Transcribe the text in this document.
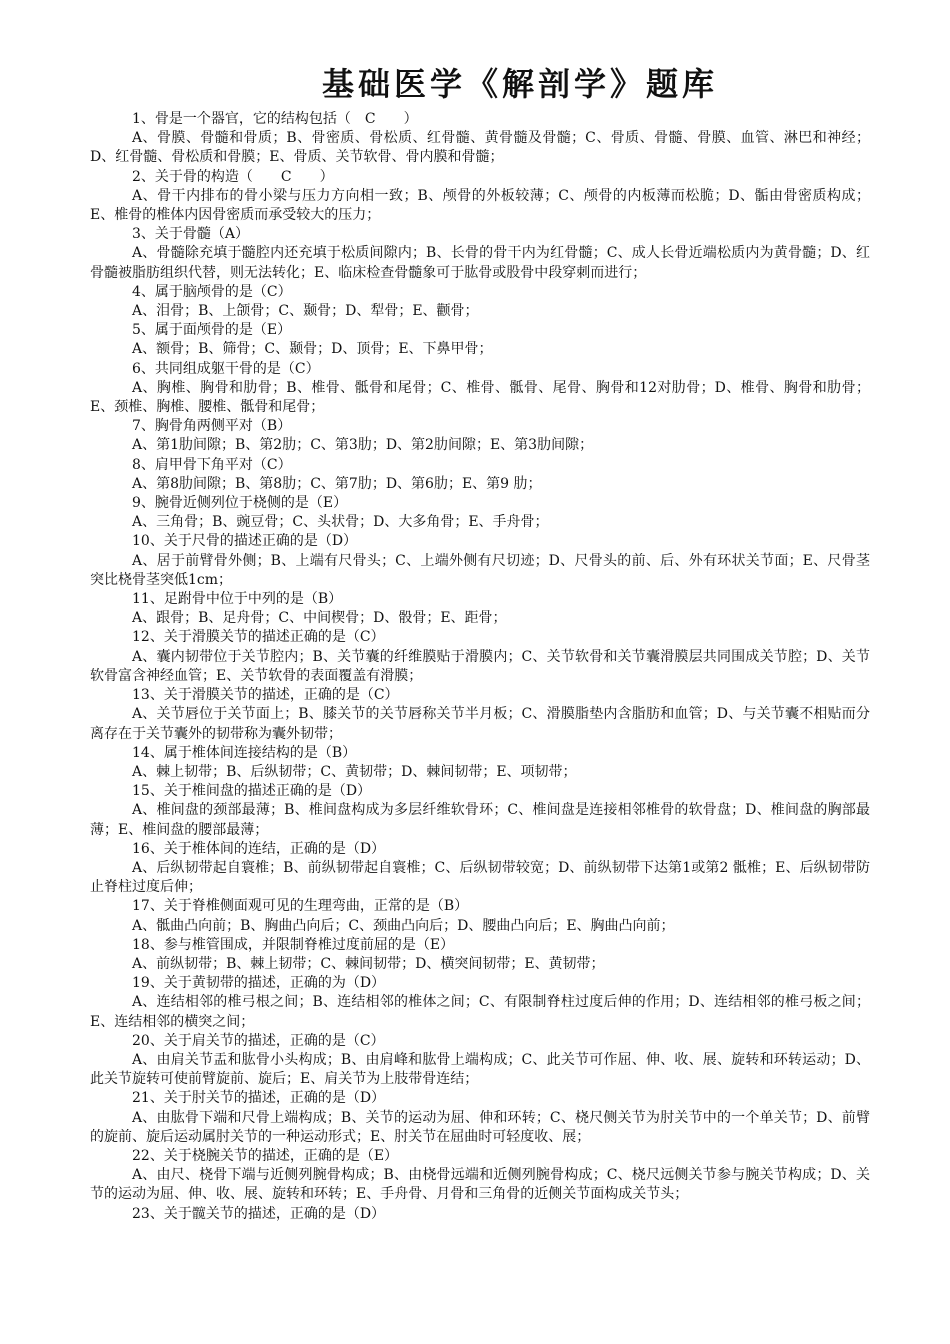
基础医学《解剖学》题库

1、骨是一个器官，它的结构包括（　C　　）

A、骨膜、骨髓和骨质；B、骨密质、骨松质、红骨髓、黄骨髓及骨髓；C、骨质、骨髓、骨膜、血管、淋巴和神经；D、红骨髓、骨松质和骨膜；E、骨质、关节软骨、骨内膜和骨髓；

2、关于骨的构造（　　C　　）

A、骨干内排布的骨小梁与压力方向相一致；B、颅骨的外板较薄；C、颅骨的内板薄而松脆；D、骺由骨密质构成；E、椎骨的椎体内因骨密质而承受较大的压力；

3、关于骨髓（A）

A、骨髓除充填于髓腔内还充填于松质间隙内；B、长骨的骨干内为红骨髓；C、成人长骨近端松质内为黄骨髓；D、红骨髓被脂肪组织代替，则无法转化；E、临床检查骨髓象可于肱骨或股骨中段穿刺而进行；

4、属于脑颅骨的是（C）

A、泪骨；B、上颌骨；C、颞骨；D、犁骨；E、颧骨；

5、属于面颅骨的是（E）

A、额骨；B、筛骨；C、颞骨；D、顶骨；E、下鼻甲骨；

6、共同组成躯干骨的是（C）

A、胸椎、胸骨和肋骨；B、椎骨、骶骨和尾骨；C、椎骨、骶骨、尾骨、胸骨和12对肋骨；D、椎骨、胸骨和肋骨；E、颈椎、胸椎、腰椎、骶骨和尾骨；

7、胸骨角两侧平对（B）

A、第1肋间隙；B、第2肋；C、第3肋；D、第2肋间隙；E、第3肋间隙；

8、肩甲骨下角平对（C）

A、第8肋间隙；B、第8肋；C、第7肋；D、第6肋；E、第9 肋；

9、腕骨近侧列位于桡侧的是（E）

A、三角骨；B、豌豆骨；C、头状骨；D、大多角骨；E、手舟骨；

10、关于尺骨的描述正确的是（D）

A、居于前臂骨外侧；B、上端有尺骨头；C、上端外侧有尺切迹；D、尺骨头的前、后、外有环状关节面；E、尺骨茎突比桡骨茎突低1cm；

11、足跗骨中位于中列的是（B）

A、跟骨；B、足舟骨；C、中间楔骨；D、骰骨；E、距骨；

12、关于滑膜关节的描述正确的是（C）

A、囊内韧带位于关节腔内；B、关节囊的纤维膜贴于滑膜内；C、关节软骨和关节囊滑膜层共同围成关节腔；D、关节软骨富含神经血管；E、关节软骨的表面覆盖有滑膜；

13、关于滑膜关节的描述，正确的是（C）

A、关节唇位于关节面上；B、膝关节的关节唇称关节半月板；C、滑膜脂垫内含脂肪和血管；D、与关节囊不相贴而分离存在于关节囊外的韧带称为囊外韧带；

14、属于椎体间连接结构的是（B）

A、棘上韧带；B、后纵韧带；C、黄韧带；D、棘间韧带；E、项韧带；

15、关于椎间盘的描述正确的是（D）

A、椎间盘的颈部最薄；B、椎间盘构成为多层纤维软骨环；C、椎间盘是连接相邻椎骨的软骨盘；D、椎间盘的胸部最薄；E、椎间盘的腰部最薄；

16、关于椎体间的连结，正确的是（D）

A、后纵韧带起自寰椎；B、前纵韧带起自寰椎；C、后纵韧带较宽；D、前纵韧带下达第1或第2 骶椎；E、后纵韧带防止脊柱过度后伸；

17、关于脊椎侧面观可见的生理弯曲，正常的是（B）

A、骶曲凸向前；B、胸曲凸向后；C、颈曲凸向后；D、腰曲凸向后；E、胸曲凸向前；

18、参与椎管围成，并限制脊椎过度前屈的是（E）

A、前纵韧带；B、棘上韧带；C、棘间韧带；D、横突间韧带；E、黄韧带；

19、关于黄韧带的描述，正确的为（D）

A、连结相邻的椎弓根之间；B、连结相邻的椎体之间；C、有限制脊柱过度后伸的作用；D、连结相邻的椎弓板之间；E、连结相邻的横突之间；

20、关于肩关节的描述，正确的是（C）

A、由肩关节盂和肱骨小头构成；B、由肩峰和肱骨上端构成；C、此关节可作屈、伸、收、展、旋转和环转运动；D、此关节旋转可使前臂旋前、旋后；E、肩关节为上肢带骨连结；

21、关于肘关节的描述，正确的是（D）

A、由肱骨下端和尺骨上端构成；B、关节的运动为屈、伸和环转；C、桡尺侧关节为肘关节中的一个单关节；D、前臂的旋前、旋后运动属肘关节的一种运动形式；E、肘关节在屈曲时可轻度收、展；

22、关于桡腕关节的描述，正确的是（E）

A、由尺、桡骨下端与近侧列腕骨构成；B、由桡骨远端和近侧列腕骨构成；C、桡尺远侧关节参与腕关节构成；D、关节的运动为屈、伸、收、展、旋转和环转；E、手舟骨、月骨和三角骨的近侧关节面构成关节头；

23、关于髋关节的描述，正确的是（D）
